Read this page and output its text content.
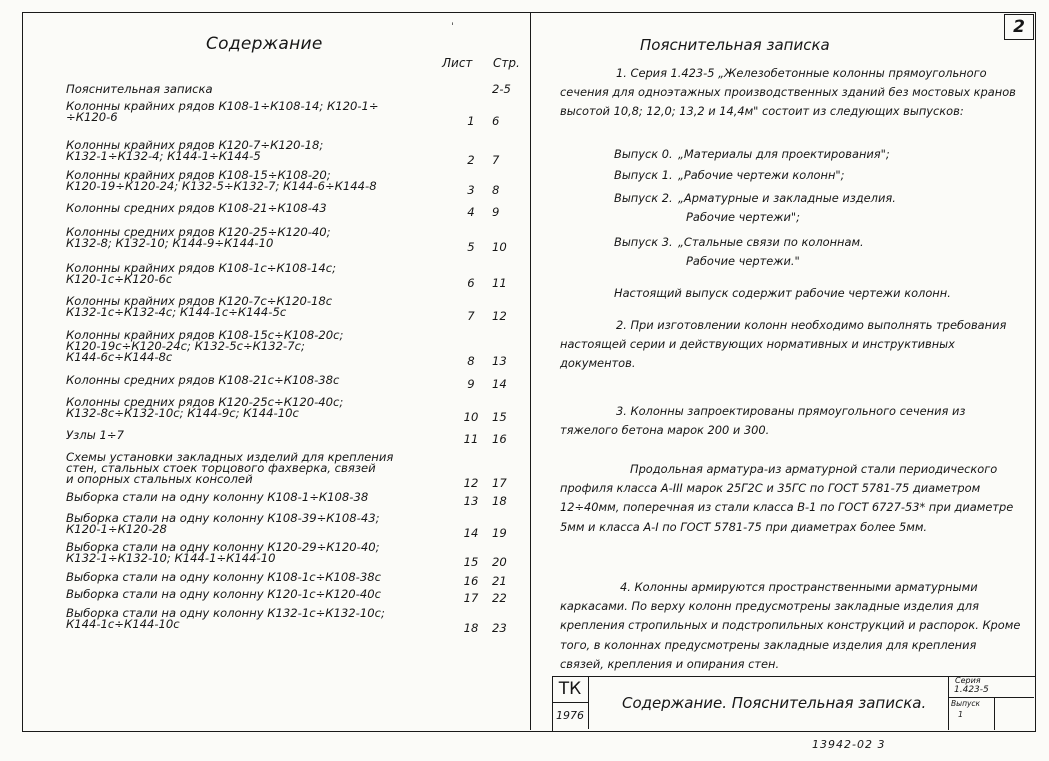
2
ˈ
Содержание
Лист Стр.
Пояснительная записка	2-5
Колонны крайних рядов К108-1÷К108-14; К120-1÷
÷К120-6	1	6
Колонны крайних рядов К120-7÷К120-18;
К132-1÷К132-4; К144-1÷К144-5	2	7
Колонны крайних рядов К108-15÷К108-20;
К120-19÷К120-24; К132-5÷К132-7; К144-6÷К144-8	3	8
Колонны средних рядов К108-21÷К108-43	4	9
Колонны средних рядов К120-25÷К120-40;
К132-8; К132-10; К144-9÷К144-10	5	10
Колонны крайних рядов К108-1с÷К108-14с;
К120-1с÷К120-6с	6	11
Колонны крайних рядов К120-7с÷К120-18с
К132-1с÷К132-4с; К144-1с÷К144-5с	7	12
Колонны крайних рядов К108-15с÷К108-20с;
К120-19с÷К120-24с; К132-5с÷К132-7с;
К144-6с÷К144-8с	8	13
Колонны средних рядов К108-21с÷К108-38с	9	14
Колонны средних рядов К120-25с÷К120-40с;
К132-8с÷К132-10с; К144-9с; К144-10с	10	15
Узлы 1÷7	11	16
Схемы установки закладных изделий для крепления
стен, стальных стоек торцового фахверка, связей
и опорных стальных консолей	12	17
Выборка стали на одну колонну К108-1÷К108-38	13	18
Выборка стали на одну колонну К108-39÷К108-43;
К120-1÷К120-28	14	19
Выборка стали на одну колонну К120-29÷К120-40;
К132-1÷К132-10; К144-1÷К144-10	15	20
Выборка стали на одну колонну К108-1с÷К108-38с	16	21
Выборка стали на одну колонну К120-1с÷К120-40с	17	22
Выборка стали на одну колонну К132-1с÷К132-10с;
К144-1с÷К144-10с	18	23
Пояснительная записка

1. Серия 1.423-5 „Железобетонные колонны прямоугольного сечения для одноэтажных производственных зданий без мостовых кранов высотой 10,8; 12,0; 13,2 и 14,4м" состоит из следующих выпусков:

Выпуск 0. „Материалы для проектирования";
Выпуск 1. „Рабочие чертежи колонн";
Выпуск 2. „Арматурные и закладные изделия.
Рабочие чертежи";
Выпуск 3. „Стальные связи по колоннам.
Рабочие чертежи."

Настоящий выпуск содержит рабочие чертежи колонн.

2. При изготовлении колонн необходимо выполнять требования настоящей серии и действующих нормативных и инструктивных документов.

3. Колонны запроектированы прямоугольного сечения из тяжелого бетона марок 200 и 300.

Продольная арматура-из арматурной стали периодического профиля класса А-III марок 25Г2С и 35ГС по ГОСТ 5781-75 диаметром 12÷40мм, поперечная из стали класса В-1 по ГОСТ 6727-53* при диаметре 5мм и класса А-I по ГОСТ 5781-75 при диаметрах более 5мм.

4. Колонны армируются пространственными арматурными каркасами. По верху колонн предусмотрены закладные изделия для крепления стропильных и подстропильных конструкций и распорок. Кроме того, в колоннах предусмотрены закладные изделия для крепления связей, крепления и опирания стен.

ТК
1976
Содержание. Пояснительная записка.
Серия
1.423-5
Выпуск
1
13942-02 3
